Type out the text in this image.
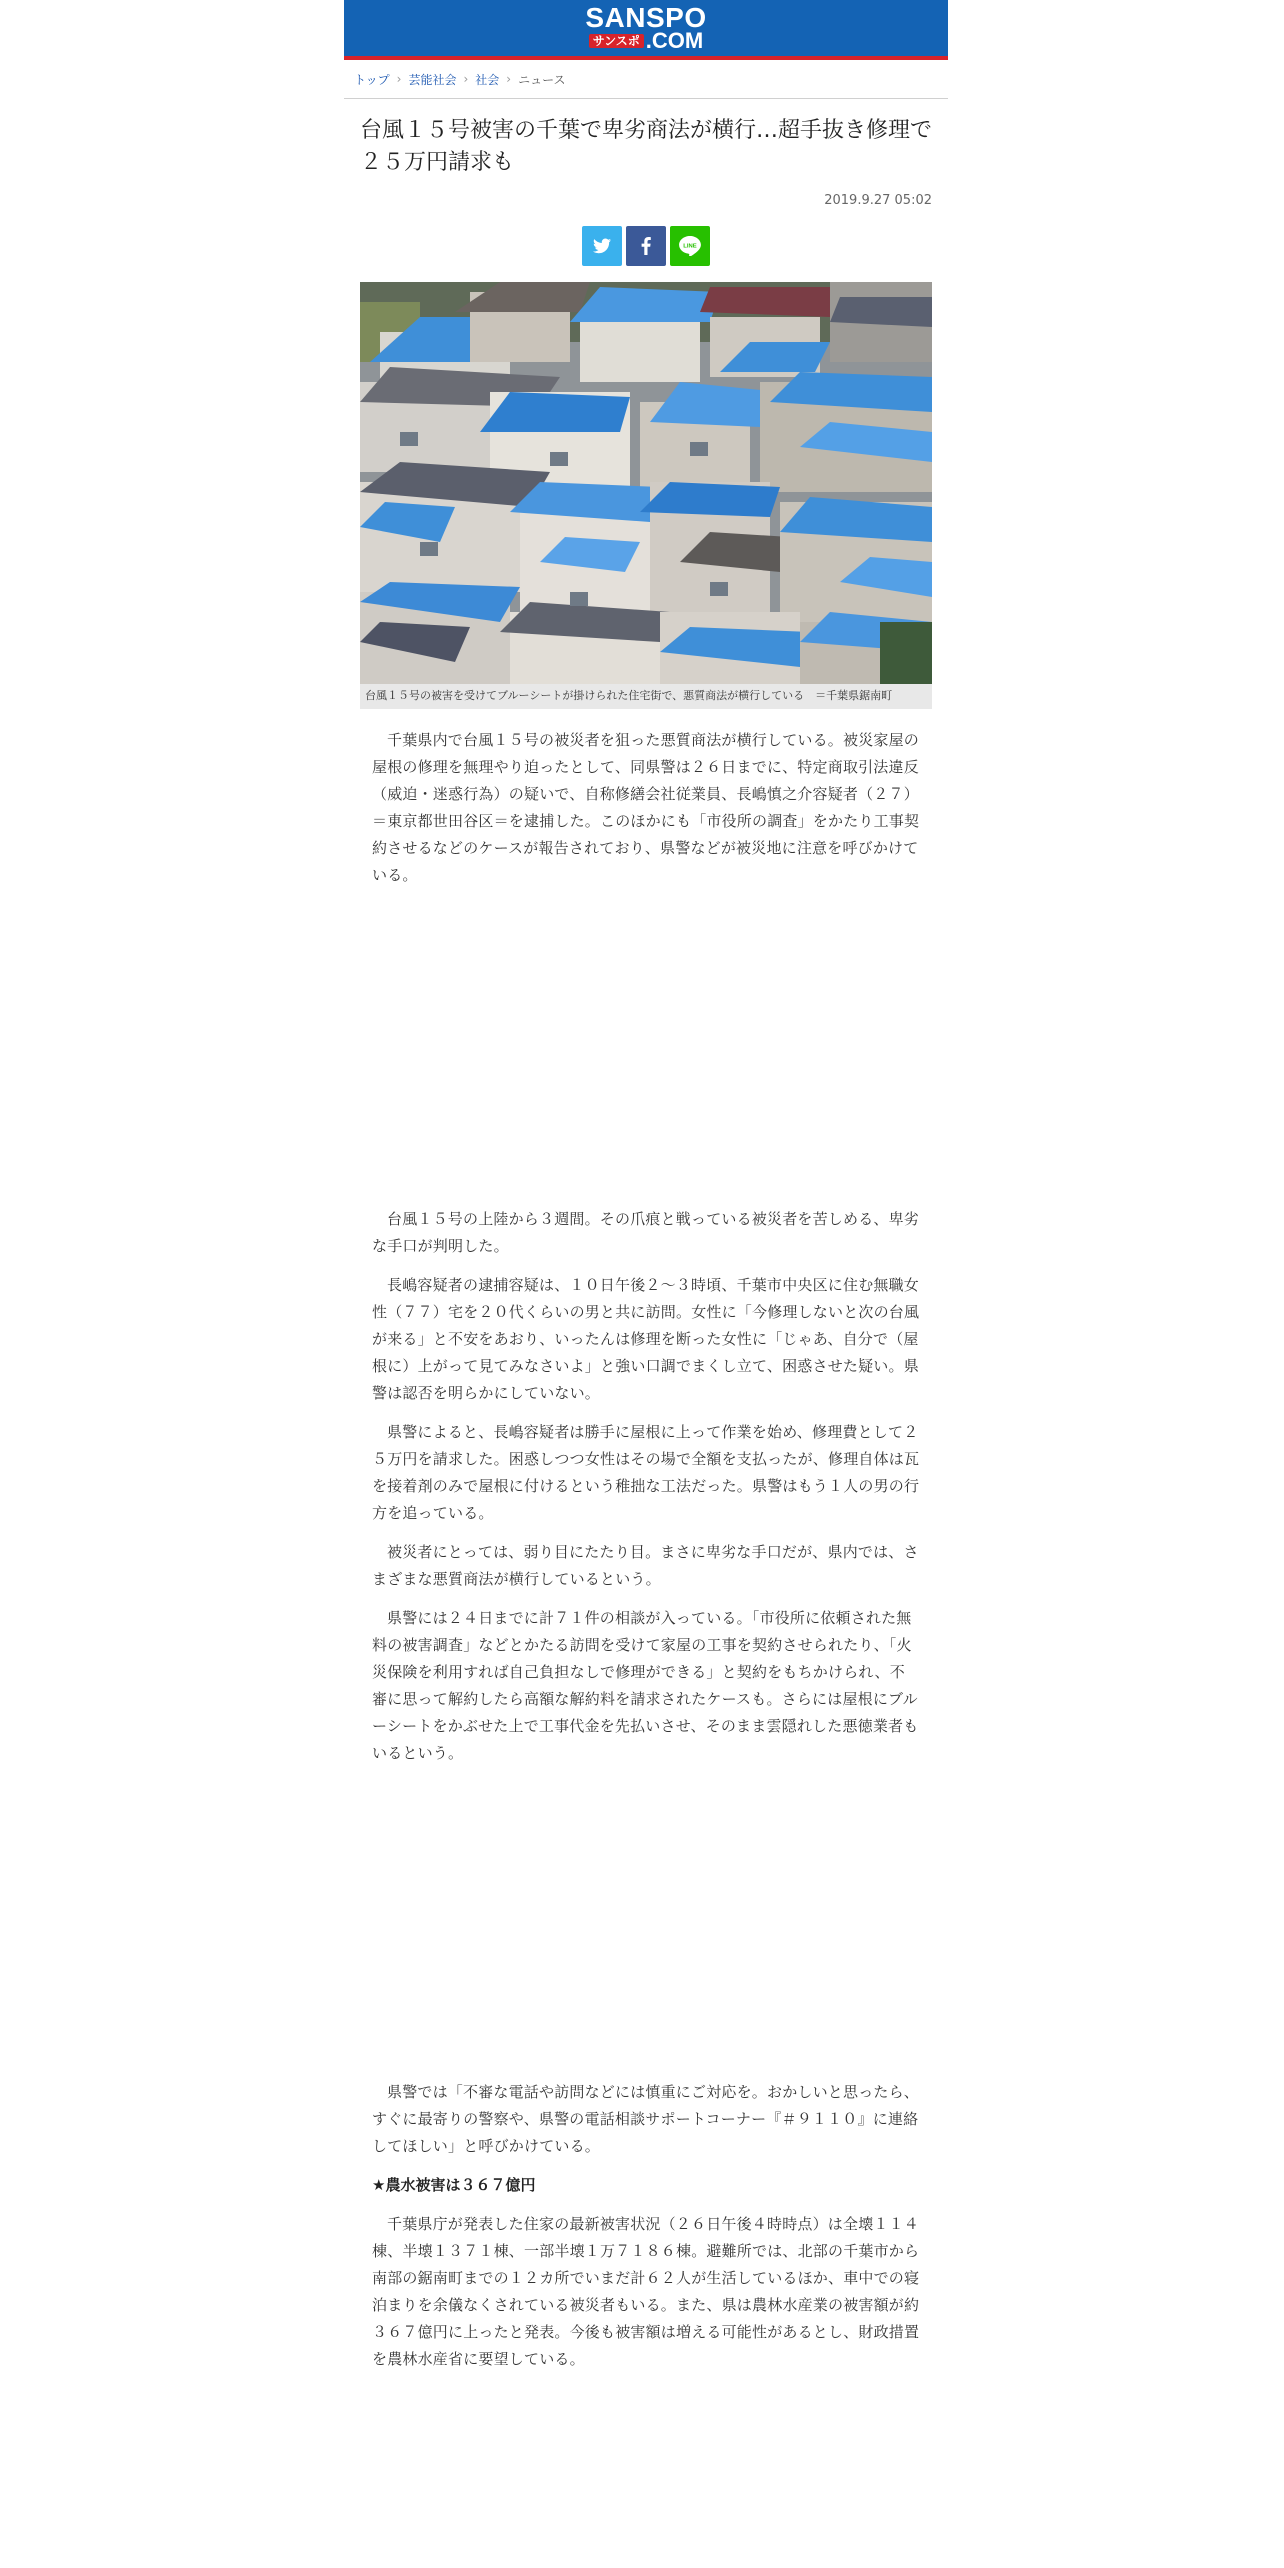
SANSPO
サンスポ .COM
トップ › 芸能社会 › 社会 › ニュース
台風１５号被害の千葉で卑劣商法が横行…超手抜き修理で２５万円請求も
2019.9.27 05:02
LINE
台風１５号の被害を受けてブルーシートが掛けられた住宅街で、悪質商法が横行している　＝千葉県鋸南町

千葉県内で台風１５号の被災者を狙った悪質商法が横行している。被災家屋の屋根の修理を無理やり迫ったとして、同県警は２６日までに、特定商取引法違反（威迫・迷惑行為）の疑いで、自称修繕会社従業員、長嶋慎之介容疑者（２７）＝東京都世田谷区＝を逮捕した。このほかにも「市役所の調査」をかたり工事契約させるなどのケースが報告されており、県警などが被災地に注意を呼びかけている。

台風１５号の上陸から３週間。その爪痕と戦っている被災者を苦しめる、卑劣な手口が判明した。

長嶋容疑者の逮捕容疑は、１０日午後２～３時頃、千葉市中央区に住む無職女性（７７）宅を２０代くらいの男と共に訪問。女性に「今修理しないと次の台風が来る」と不安をあおり、いったんは修理を断った女性に「じゃあ、自分で（屋根に）上がって見てみなさいよ」と強い口調でまくし立て、困惑させた疑い。県警は認否を明らかにしていない。

県警によると、長嶋容疑者は勝手に屋根に上って作業を始め、修理費として２５万円を請求した。困惑しつつ女性はその場で全額を支払ったが、修理自体は瓦を接着剤のみで屋根に付けるという稚拙な工法だった。県警はもう１人の男の行方を追っている。

被災者にとっては、弱り目にたたり目。まさに卑劣な手口だが、県内では、さまざまな悪質商法が横行しているという。

県警には２４日までに計７１件の相談が入っている。「市役所に依頼された無料の被害調査」などとかたる訪問を受けて家屋の工事を契約させられたり、「火災保険を利用すれば自己負担なしで修理ができる」と契約をもちかけられ、不審に思って解約したら高額な解約料を請求されたケースも。さらには屋根にブルーシートをかぶせた上で工事代金を先払いさせ、そのまま雲隠れした悪徳業者もいるという。

県警では「不審な電話や訪問などには慎重にご対応を。おかしいと思ったら、すぐに最寄りの警察や、県警の電話相談サポートコーナー『＃９１１０』に連絡してほしい」と呼びかけている。

★農水被害は３６７億円

千葉県庁が発表した住家の最新被害状況（２６日午後４時時点）は全壊１１４棟、半壊１３７１棟、一部半壊１万７１８６棟。避難所では、北部の千葉市から南部の鋸南町までの１２カ所でいまだ計６２人が生活しているほか、車中での寝泊まりを余儀なくされている被災者もいる。また、県は農林水産業の被害額が約３６７億円に上ったと発表。今後も被害額は増える可能性があるとし、財政措置を農林水産省に要望している。
